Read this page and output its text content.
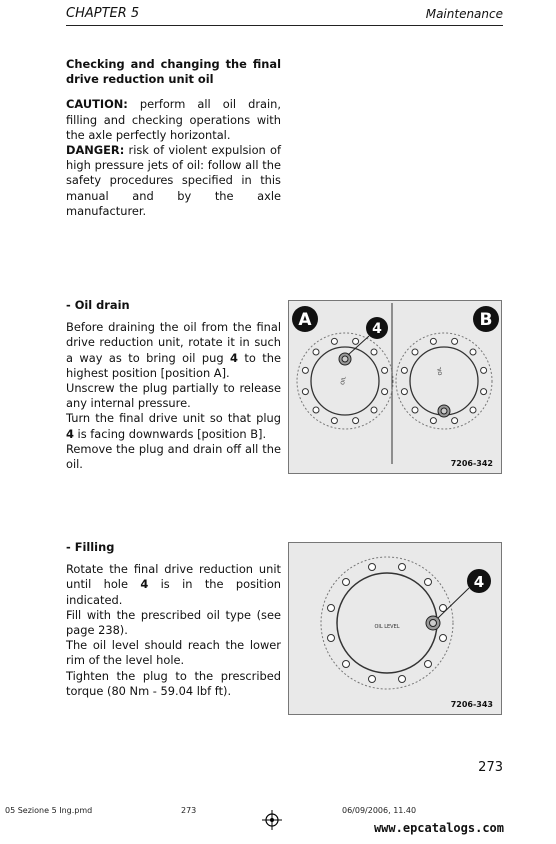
CHAPTER 5	Maintenance

Checking and changing the final drive reduction unit oil

CAUTION: perform all oil drain, filling and checking operations with the axle perfectly horizontal.

DANGER: risk of violent expulsion of high pressure jets of oil: follow all the safety procedures specified in this manual and by the axle manufacturer.

- Oil drain

Before draining the oil from the final drive reduction unit, rotate it in such a way as to bring oil pug 4 to the highest position [position A].

Unscrew the plug partially to release any internal pressure.

Turn the final drive unit so that plug 4 is facing downwards [position B].

Remove the plug and drain off all the oil.

- Filling

Rotate the final drive reduction unit until hole 4 is in the position indicated.

Fill with the prescribed oil type (see page 238).

The oil level should reach the lower rim of the level hole.

Tighten the plug to the prescribed torque (80 Nm - 59.04 lbf ft).

OIL
OIL
A	B
4
7206-342
OIL LEVEL
4
7206-343
273
05 Sezione 5 Ing.pmd	273	06/09/2006, 11.40
www.epcatalogs.com
